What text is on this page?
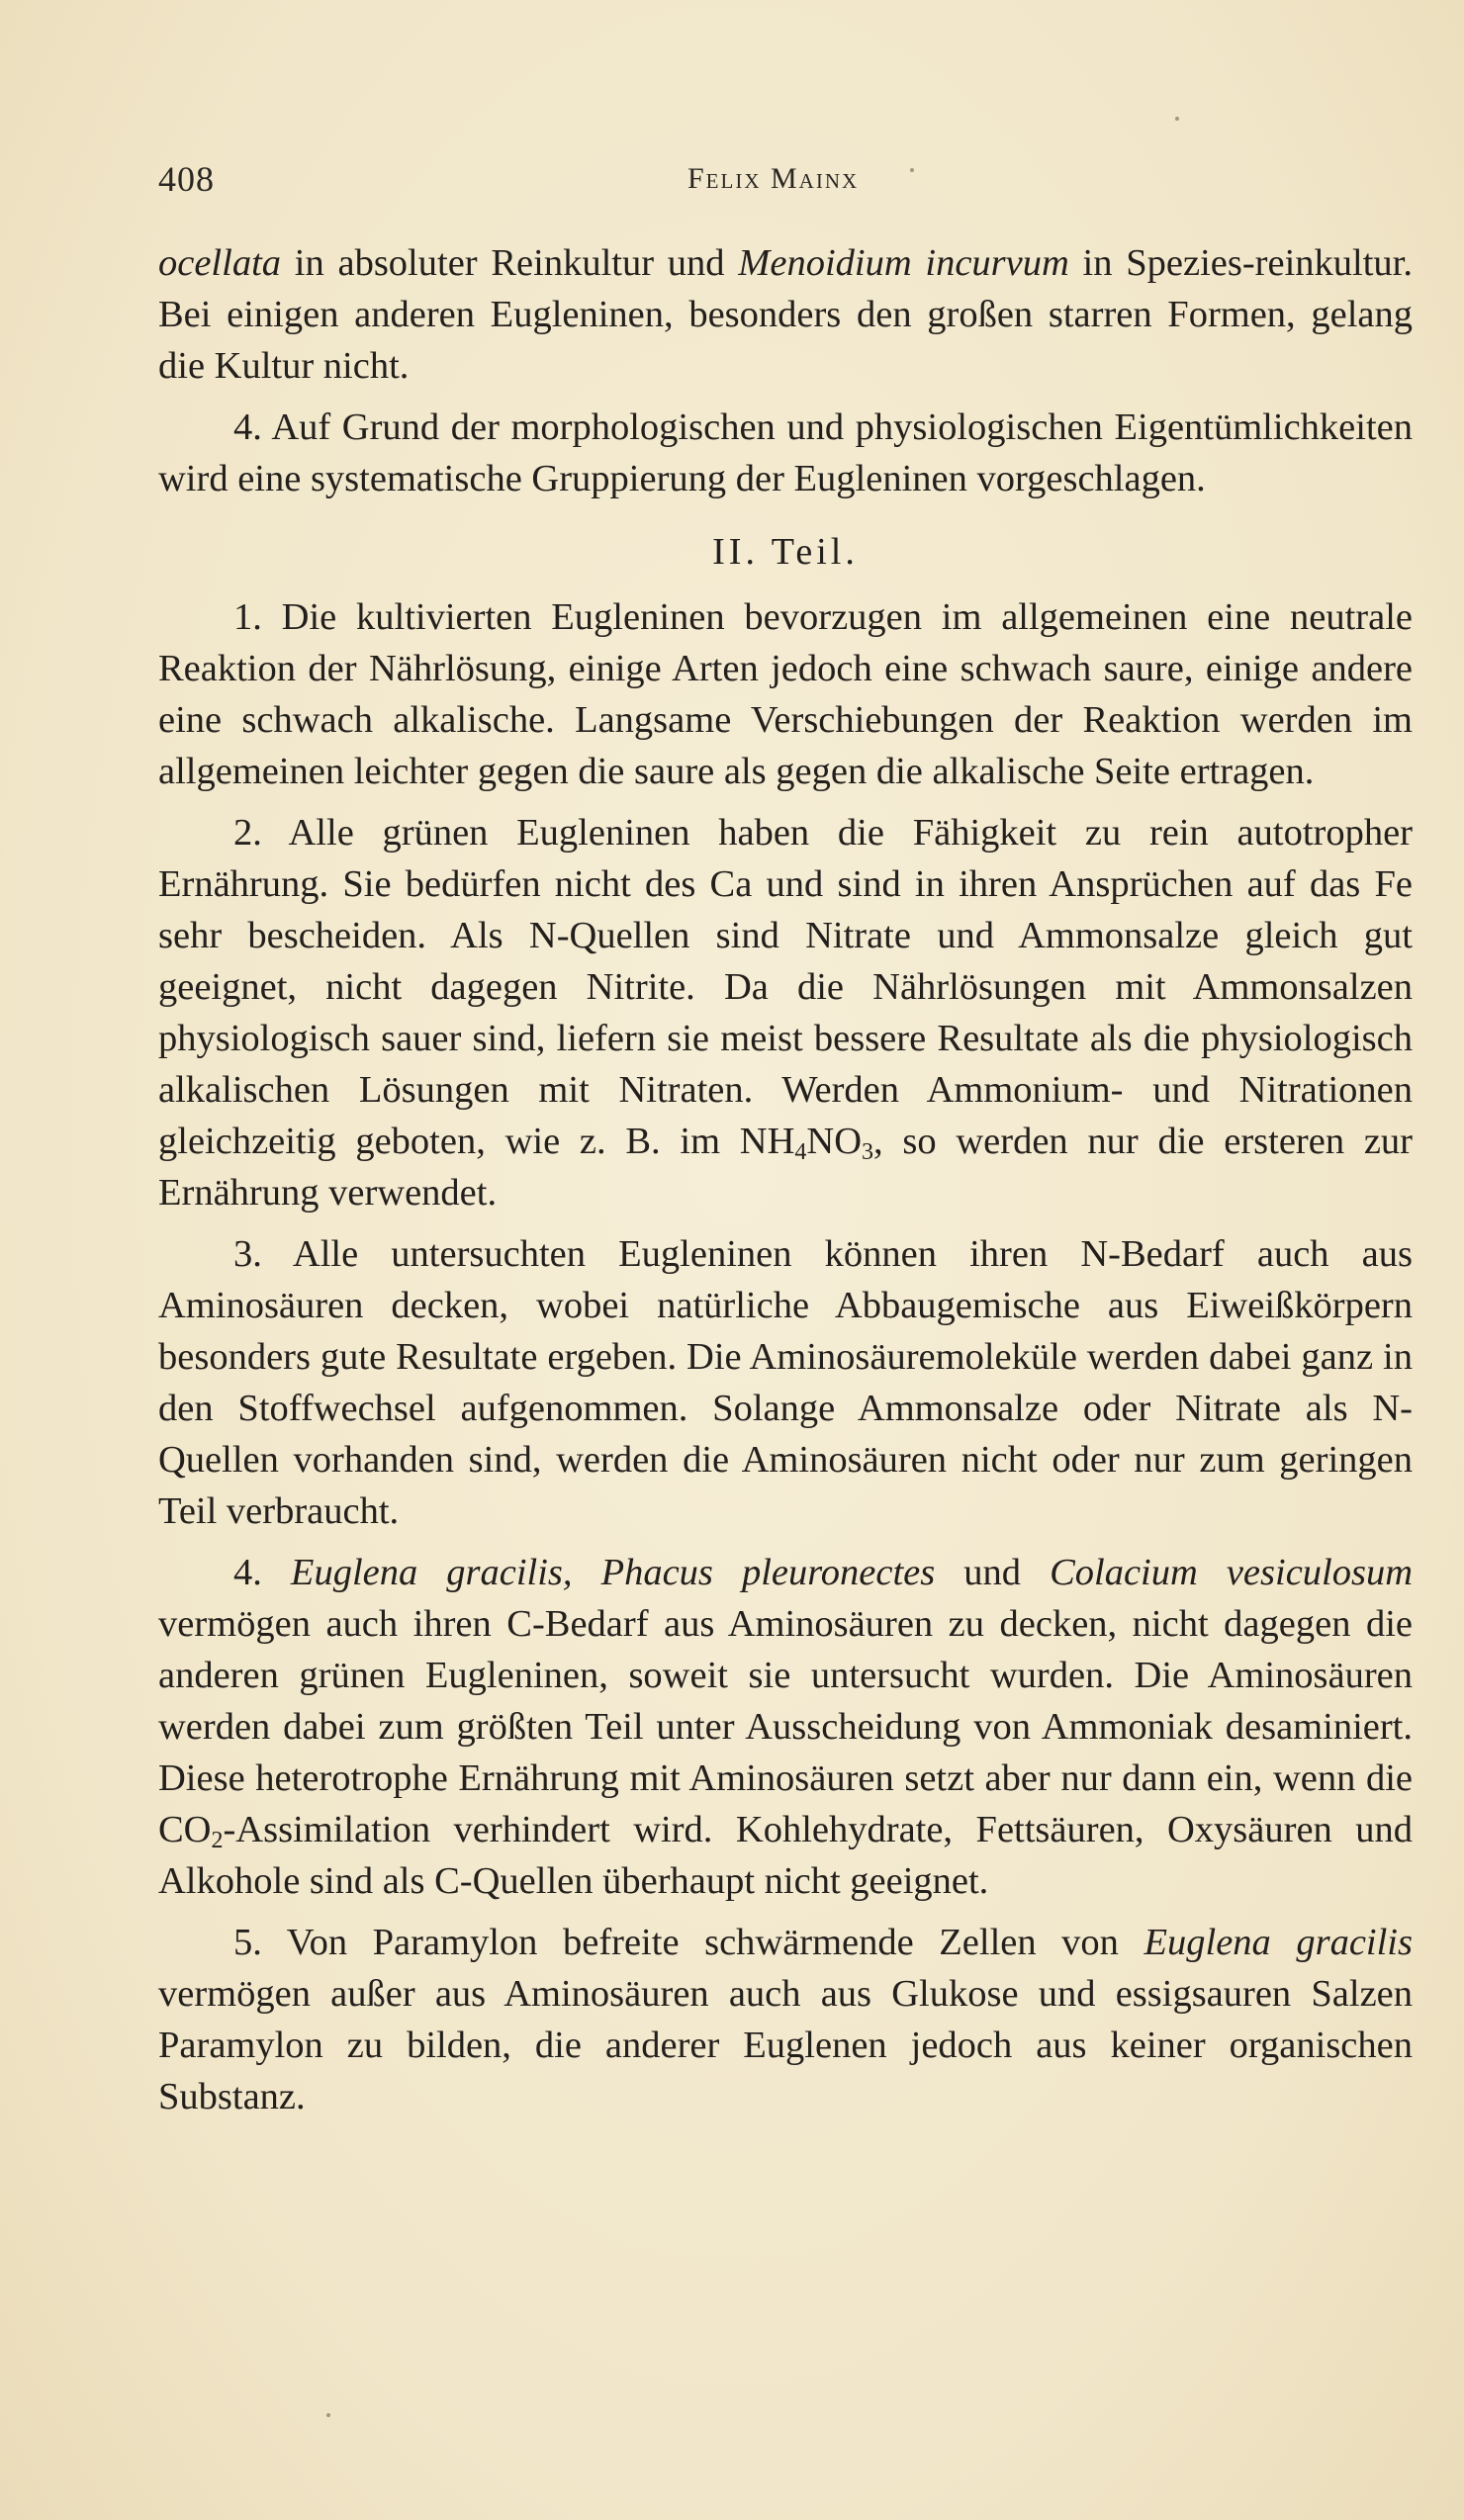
408	Felix Mainx

ocellata in absoluter Reinkultur und Menoidium incurvum in Spezies-reinkultur. Bei einigen anderen Eugleninen, besonders den großen starren Formen, gelang die Kultur nicht.

4. Auf Grund der morphologischen und physiologischen Eigentümlichkeiten wird eine systematische Gruppierung der Eugleninen vorgeschlagen.

II. Teil.

1. Die kultivierten Eugleninen bevorzugen im allgemeinen eine neutrale Reaktion der Nährlösung, einige Arten jedoch eine schwach saure, einige andere eine schwach alkalische. Langsame Verschiebungen der Reaktion werden im allgemeinen leichter gegen die saure als gegen die alkalische Seite ertragen.

2. Alle grünen Eugleninen haben die Fähigkeit zu rein autotropher Ernährung. Sie bedürfen nicht des Ca und sind in ihren Ansprüchen auf das Fe sehr bescheiden. Als N-Quellen sind Nitrate und Ammonsalze gleich gut geeignet, nicht dagegen Nitrite. Da die Nährlösungen mit Ammonsalzen physiologisch sauer sind, liefern sie meist bessere Resultate als die physiologisch alkalischen Lösungen mit Nitraten. Werden Ammonium- und Nitrationen gleichzeitig geboten, wie z. B. im $NH_4NO_3$, so werden nur die ersteren zur Ernährung verwendet.

3. Alle untersuchten Eugleninen können ihren N-Bedarf auch aus Aminosäuren decken, wobei natürliche Abbaugemische aus Eiweißkörpern besonders gute Resultate ergeben. Die Aminosäuremoleküle werden dabei ganz in den Stoffwechsel aufgenommen. Solange Ammonsalze oder Nitrate als N-Quellen vorhanden sind, werden die Aminosäuren nicht oder nur zum geringen Teil verbraucht.

4. Euglena gracilis, Phacus pleuronectes und Colacium vesiculosum vermögen auch ihren C-Bedarf aus Aminosäuren zu decken, nicht dagegen die anderen grünen Eugleninen, soweit sie untersucht wurden. Die Aminosäuren werden dabei zum größten Teil unter Ausscheidung von Ammoniak desaminiert. Diese heterotrophe Ernährung mit Aminosäuren setzt aber nur dann ein, wenn die $CO_2$-Assimilation verhindert wird. Kohlehydrate, Fettsäuren, Oxysäuren und Alkohole sind als C-Quellen überhaupt nicht geeignet.

5. Von Paramylon befreite schwärmende Zellen von Euglena gracilis vermögen außer aus Aminosäuren auch aus Glukose und essigsauren Salzen Paramylon zu bilden, die anderer Euglenen jedoch aus keiner organischen Substanz.
